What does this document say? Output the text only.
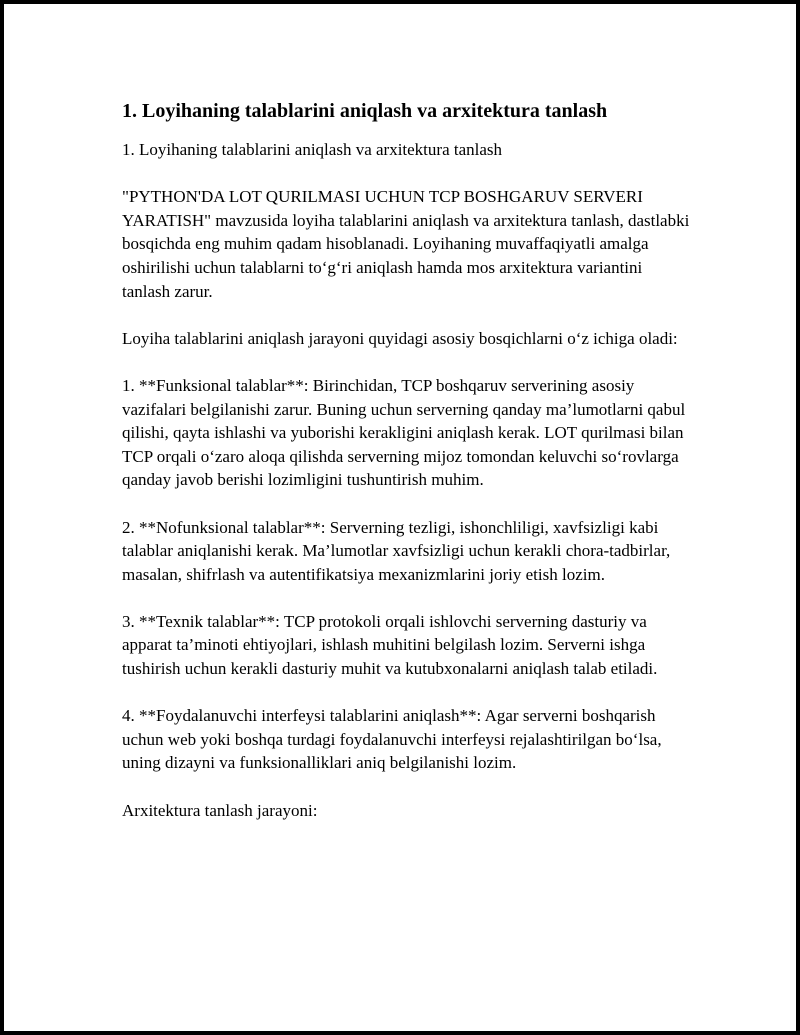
1. Loyihaning talablarini aniqlash va arxitektura tanlash

1. Loyihaning talablarini aniqlash va arxitektura tanlash

"PYTHON'DA LOT QURILMASI UCHUN TCP BOSHGARUV SERVERI YARATISH" mavzusida loyiha talablarini aniqlash va arxitektura tanlash, dastlabki bosqichda eng muhim qadam hisoblanadi. Loyihaning muvaffaqiyatli amalga oshirilishi uchun talablarni to‘g‘ri aniqlash hamda mos arxitektura variantini tanlash zarur.

Loyiha talablarini aniqlash jarayoni quyidagi asosiy bosqichlarni o‘z ichiga oladi:

1. **Funksional talablar**: Birinchidan, TCP boshqaruv serverining asosiy vazifalari belgilanishi zarur. Buning uchun serverning qanday ma’lumotlarni qabul qilishi, qayta ishlashi va yuborishi kerakligini aniqlash kerak. LOT qurilmasi bilan TCP orqali o‘zaro aloqa qilishda serverning mijoz tomondan keluvchi so‘rovlarga qanday javob berishi lozimligini tushuntirish muhim.

2. **Nofunksional talablar**: Serverning tezligi, ishonchliligi, xavfsizligi kabi talablar aniqlanishi kerak. Ma’lumotlar xavfsizligi uchun kerakli chora-tadbirlar, masalan, shifrlash va autentifikatsiya mexanizmlarini joriy etish lozim.

3. **Texnik talablar**: TCP protokoli orqali ishlovchi serverning dasturiy va apparat ta’minoti ehtiyojlari, ishlash muhitini belgilash lozim. Serverni ishga tushirish uchun kerakli dasturiy muhit va kutubxonalarni aniqlash talab etiladi.

4. **Foydalanuvchi interfeysi talablarini aniqlash**: Agar serverni boshqarish uchun web yoki boshqa turdagi foydalanuvchi interfeysi rejalashtirilgan bo‘lsa, uning dizayni va funksionalliklari aniq belgilanishi lozim.

Arxitektura tanlash jarayoni:
